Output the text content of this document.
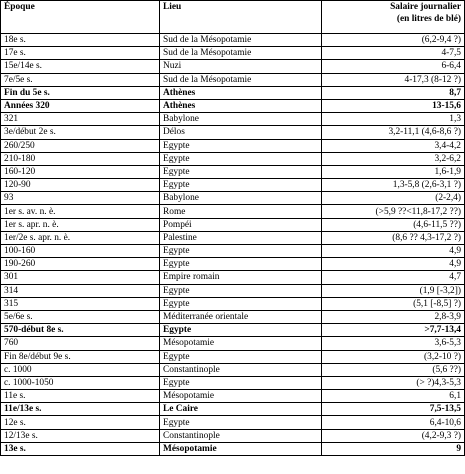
Époque	Lieu	Salaire journalier
(en litres de blé)

18e s.	Sud de la Mésopotamie	(6,2-9,4 ?)
17e s.	Sud de la Mésopotamie	4-7,5
15e/14e s.	Nuzi	6-6,4
7e/5e s.	Sud de la Mésopotamie	4-17,3 (8-12 ?)
Fin du 5e s.	Athènes	8,7
Années 320	Athènes	13-15,6
321	Babylone	1,3
3e/début 2e s.	Délos	3,2-11,1 (4,6-8,6 ?)
260/250	Egypte	3,4-4,2
210-180	Egypte	3,2-6,2
160-120	Egypte	1,6-1,9
120-90	Egypte	1,3-5,8 (2,6-3,1 ?)
93	Babylone	(2-2,4)
1er s. av. n. è.	Rome	(>5,9 ??<11,8-17,2 ??)
1er s. apr. n. è.	Pompéi	(4,6-11,5 ??)
1er/2e s. apr. n. è.	Palestine	(8,6 ?? 4,3-17,2 ?)
100-160	Egypte	4,9
190-260	Egypte	4,9
301	Empire romain	4,7
314	Egypte	(1,9 [-3,2])
315	Egypte	(5,1 [-8,5] ?)
5e/6e s.	Méditerranée orientale	2,8-3,9
570-début 8e s.	Egypte	>7,7-13,4
760	Mésopotamie	3,6-5,3
Fin 8e/début 9e s.	Egypte	(3,2-10 ?)
c. 1000	Constantinople	(5,6 ??)
c. 1000-1050	Egypte	(> ?)4,3-5,3
11e s.	Mésopotamie	6,1
11e/13e s.	Le Caire	7,5-13,5
12e s.	Egypte	6,4-10,6
12/13e s.	Constantinople	(4,2-9,3 ?)
13e s.	Mésopotamie	9
